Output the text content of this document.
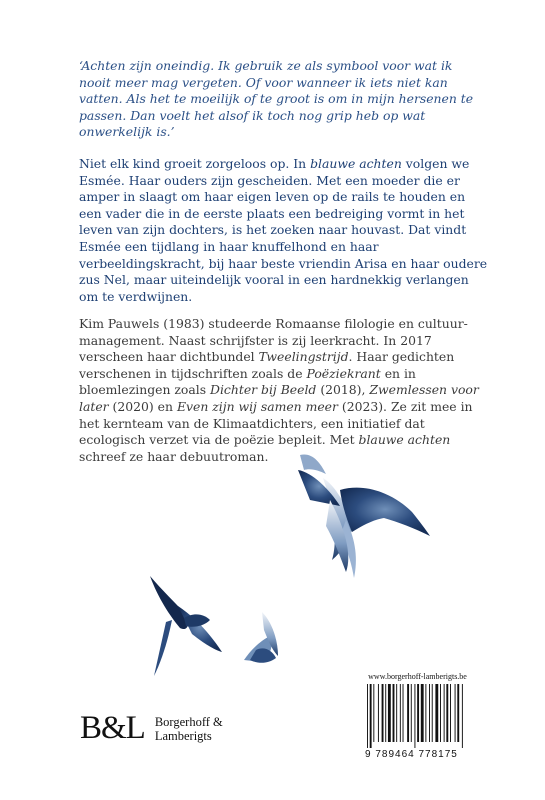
‘Achten zijn oneindig. Ik gebruik ze als symbool voor wat ik nooit meer mag vergeten. Of voor wanneer ik iets niet kan vatten. Als het te moeilijk of te groot is om in mijn hersenen te passen. Dan voelt het alsof ik toch nog grip heb op wat onwerkelijk is.’

Niet elk kind groeit zorgeloos op. In blauwe achten volgen we Esmée. Haar ouders zijn gescheiden. Met een moeder die er amper in slaagt om haar eigen leven op de rails te houden en een vader die in de eerste plaats een bedreiging vormt in het leven van zijn dochters, is het zoeken naar houvast. Dat vindt Esmée een tijdlang in haar knuffelhond en haar verbeeldingskracht, bij haar beste vriendin Arisa en haar oudere zus Nel, maar uiteindelijk vooral in een hardnekkig verlangen om te verdwijnen.

Kim Pauwels (1983) studeerde Romaanse filologie en cultuurmanagement. Naast schrijfster is zij leerkracht. In 2017 verscheen haar dichtbundel Tweelingstrijd. Haar gedichten verschenen in tijdschriften zoals de Poëziekrant en in bloemlezingen zoals Dichter bij Beeld (2018), Zwemlessen voor later (2020) en Even zijn wij samen meer (2023). Ze zit mee in het kernteam van de Klimaatdichters, een initiatief dat ecologisch verzet via de poëzie bepleit. Met blauwe achten schreef ze haar debuutroman.

B&L Borgerhoff &
Lamberigts
www.borgerhoff-lamberigts.be
9 789464 778175
